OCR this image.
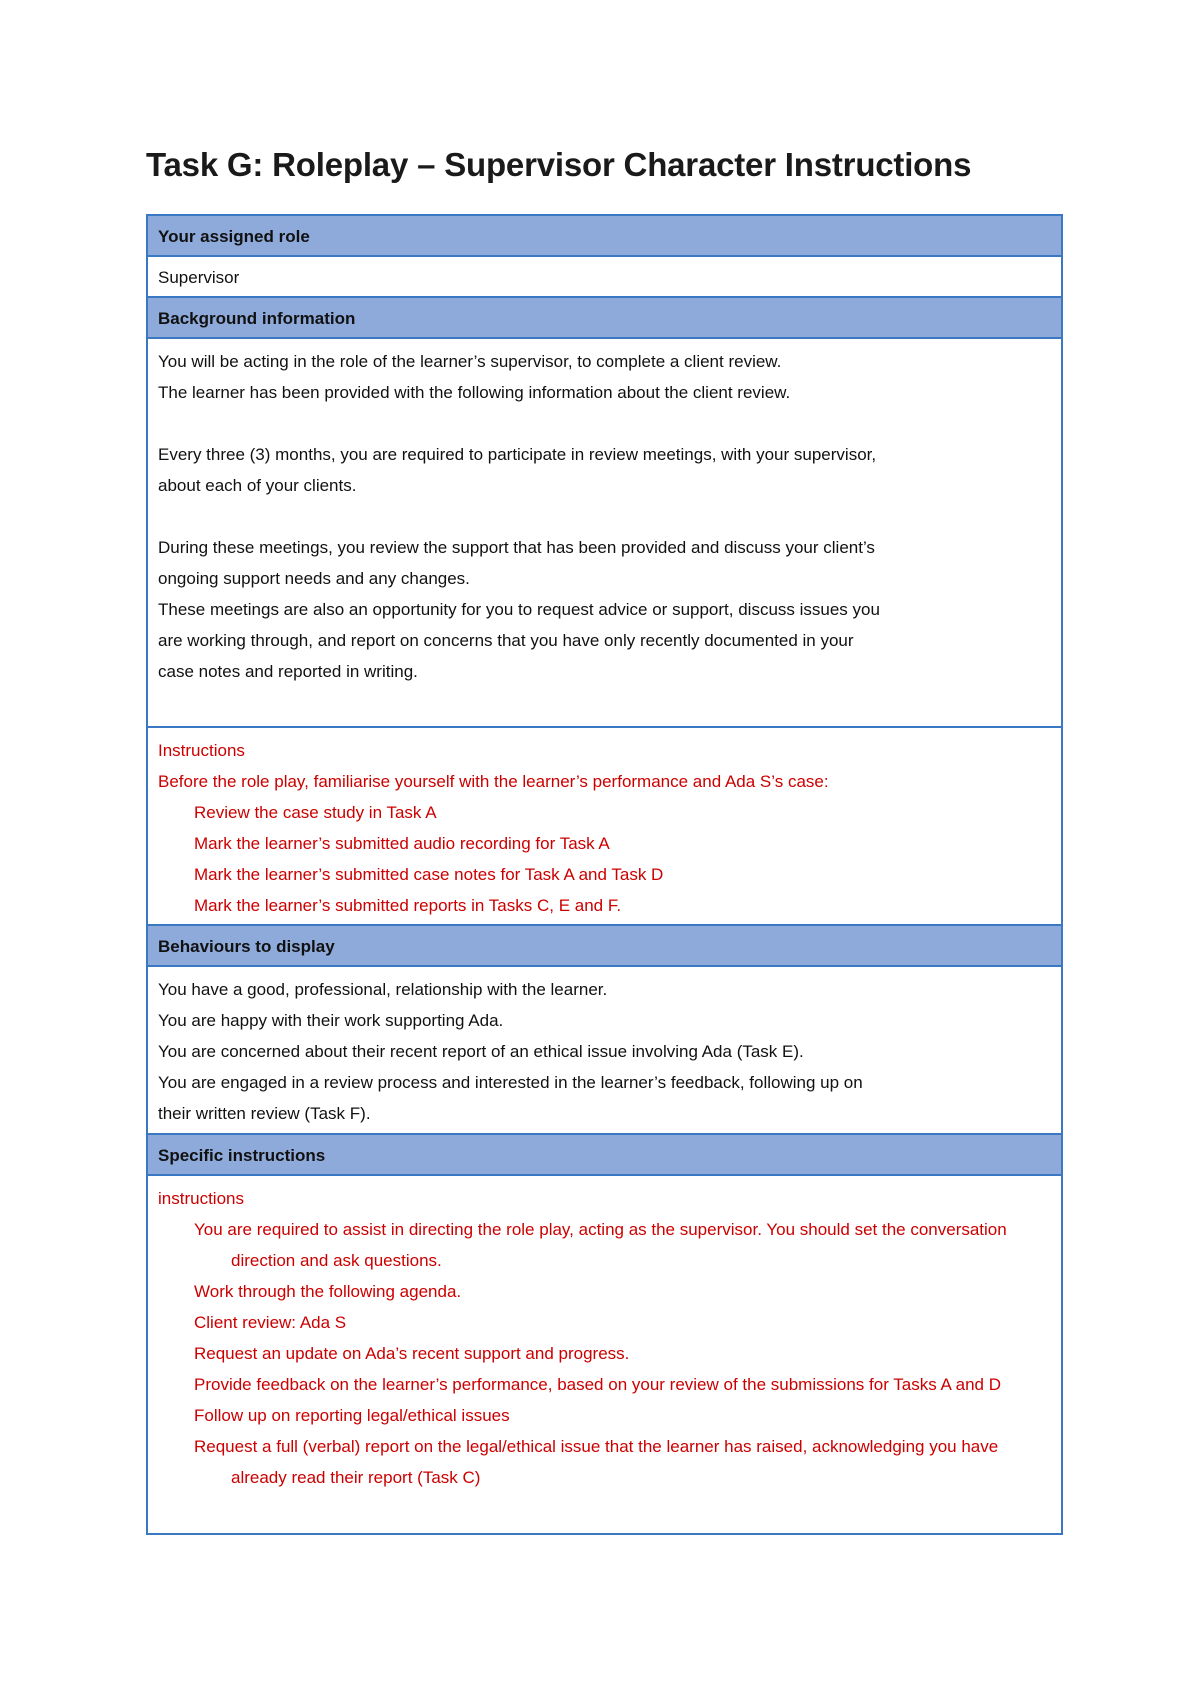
Task G: Roleplay – Supervisor Character Instructions
Your assigned role
Supervisor
Background information
You will be acting in the role of the learner’s supervisor, to complete a client review.
The learner has been provided with the following information about the client review.
Every three (3) months, you are required to participate in review meetings, with your supervisor,
about each of your clients.
During these meetings, you review the support that has been provided and discuss your client’s
ongoing support needs and any changes.
These meetings are also an opportunity for you to request advice or support, discuss issues you
are working through, and report on concerns that you have only recently documented in your
case notes and reported in writing.
Instructions
Before the role play, familiarise yourself with the learner’s performance and Ada S’s case:
Review the case study in Task A
Mark the learner’s submitted audio recording for Task A
Mark the learner’s submitted case notes for Task A and Task D
Mark the learner’s submitted reports in Tasks C, E and F.
Behaviours to display
You have a good, professional, relationship with the learner.
You are happy with their work supporting Ada.
You are concerned about their recent report of an ethical issue involving Ada (Task E).
You are engaged in a review process and interested in the learner’s feedback, following up on
their written review (Task F).
Specific instructions
instructions
You are required to assist in directing the role play, acting as the supervisor. You should set the conversation direction and ask questions.
Work through the following agenda.
Client review: Ada S
Request an update on Ada’s recent support and progress.
Provide feedback on the learner’s performance, based on your review of the submissions for Tasks A and D
Follow up on reporting legal/ethical issues
Request a full (verbal) report on the legal/ethical issue that the learner has raised, acknowledging you have already read their report (Task C)
